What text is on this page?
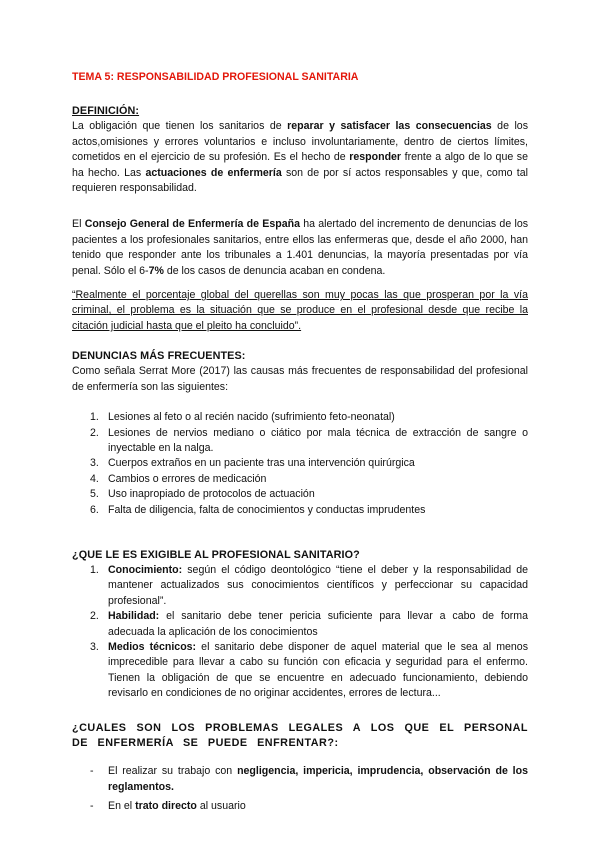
TEMA 5: RESPONSABILIDAD PROFESIONAL SANITARIA
DEFINICIÓN:

La obligación que tienen los sanitarios de reparar y satisfacer las consecuencias de los actos,omisiones y errores voluntarios e incluso involuntariamente, dentro de ciertos límites, cometidos en el ejercicio de su profesión. Es el hecho de responder frente a algo de lo que se ha hecho. Las actuaciones de enfermería son de por sí actos responsables y que, como tal requieren responsabilidad.

El Consejo General de Enfermería de España ha alertado del incremento de denuncias de los pacientes a los profesionales sanitarios, entre ellos las enfermeras que, desde el año 2000, han tenido que responder ante los tribunales a 1.401 denuncias, la mayoría presentadas por vía penal. Sólo el 6-7% de los casos de denuncia acaban en condena.

“Realmente el porcentaje global del querellas son muy pocas las que prosperan por la vía criminal, el problema es la situación que se produce en el profesional desde que recibe la citación judicial hasta que el pleito ha concluido”.

DENUNCIAS MÁS FRECUENTES:

Como señala Serrat More (2017) las causas más frecuentes de responsabilidad del profesional de enfermería son las siguientes:

1. Lesiones al feto o al recién nacido (sufrimiento feto-neonatal)
2. Lesiones de nervios mediano o ciático por mala técnica de extracción de sangre o inyectable en la nalga.
3. Cuerpos extraños en un paciente tras una intervención quirúrgica
4. Cambios o errores de medicación
5. Uso inapropiado de protocolos de actuación
6. Falta de diligencia, falta de conocimientos y conductas imprudentes
¿QUE LE ES EXIGIBLE AL PROFESIONAL SANITARIO?
1. Conocimiento: según el código deontológico “tiene el deber y la responsabilidad de mantener actualizados sus conocimientos científicos y perfeccionar su capacidad profesional”.
2. Habilidad: el sanitario debe tener pericia suficiente para llevar a cabo de forma adecuada la aplicación de los conocimientos
3. Medios técnicos: el sanitario debe disponer de aquel material que le sea al menos imprecedible para llevar a cabo su función con eficacia y seguridad para el enfermo. Tienen la obligación de que se encuentre en adecuado funcionamiento, debiendo revisarlo en condiciones de no originar accidentes, errores de lectura...

¿CUALES SON LOS PROBLEMAS LEGALES A LOS QUE EL PERSONAL DE ENFERMERÍA SE PUEDE ENFRENTAR?:

- El realizar su trabajo con negligencia, impericia, imprudencia, observación de los reglamentos.
- En el trato directo al usuario
